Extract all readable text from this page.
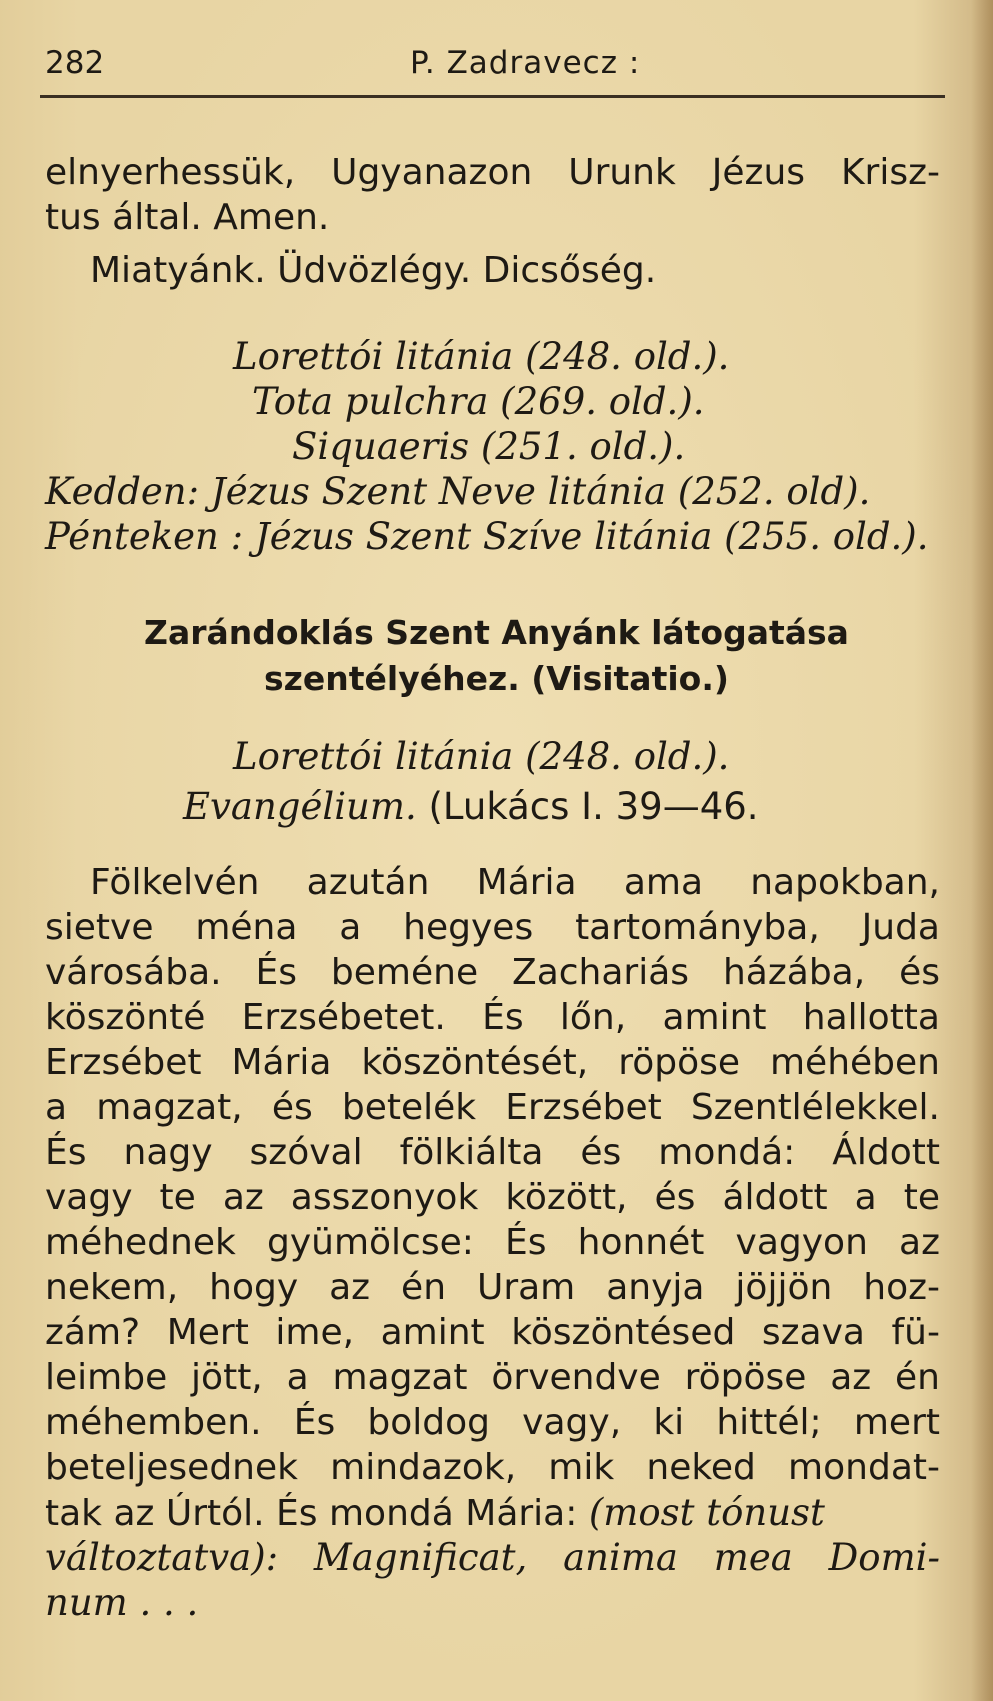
282	P. Zadravecz :
elnyerhessük, Ugyanazon Urunk Jézus Krisz-
tus által. Amen.
Miatyánk. Üdvözlégy. Dicsőség.
Lorettói litánia (248. old.).
Tota pulchra (269. old.).
Siquaeris (251. old.).
Kedden: Jézus Szent Neve litánia (252. old).
Pénteken : Jézus Szent Szíve litánia (255. old.).
Zarándoklás Szent Anyánk látogatása
szentélyéhez. (Visitatio.)
Lorettói litánia (248. old.).
Evangélium. (Lukács I. 39—46.
Fölkelvén azután Mária ama napokban,
sietve ména a hegyes tartományba, Juda
városába. És beméne Zachariás házába, és
köszönté Erzsébetet. És lőn, amint hallotta
Erzsébet Mária köszöntését, röpöse méhében
a magzat, és betelék Erzsébet Szentlélekkel.
És nagy szóval fölkiálta és mondá: Áldott
vagy te az asszonyok között, és áldott a te
méhednek gyümölcse: És honnét vagyon az
nekem, hogy az én Uram anyja jöjjön hoz-
zám? Mert ime, amint köszöntésed szava fü-
leimbe jött, a magzat örvendve röpöse az én
méhemben. És boldog vagy, ki hittél; mert
beteljesednek mindazok, mik neked mondat-
tak az Úrtól. És mondá Mária: (most tónust
változtatva): Magnificat, anima mea Domi-
num . . .
